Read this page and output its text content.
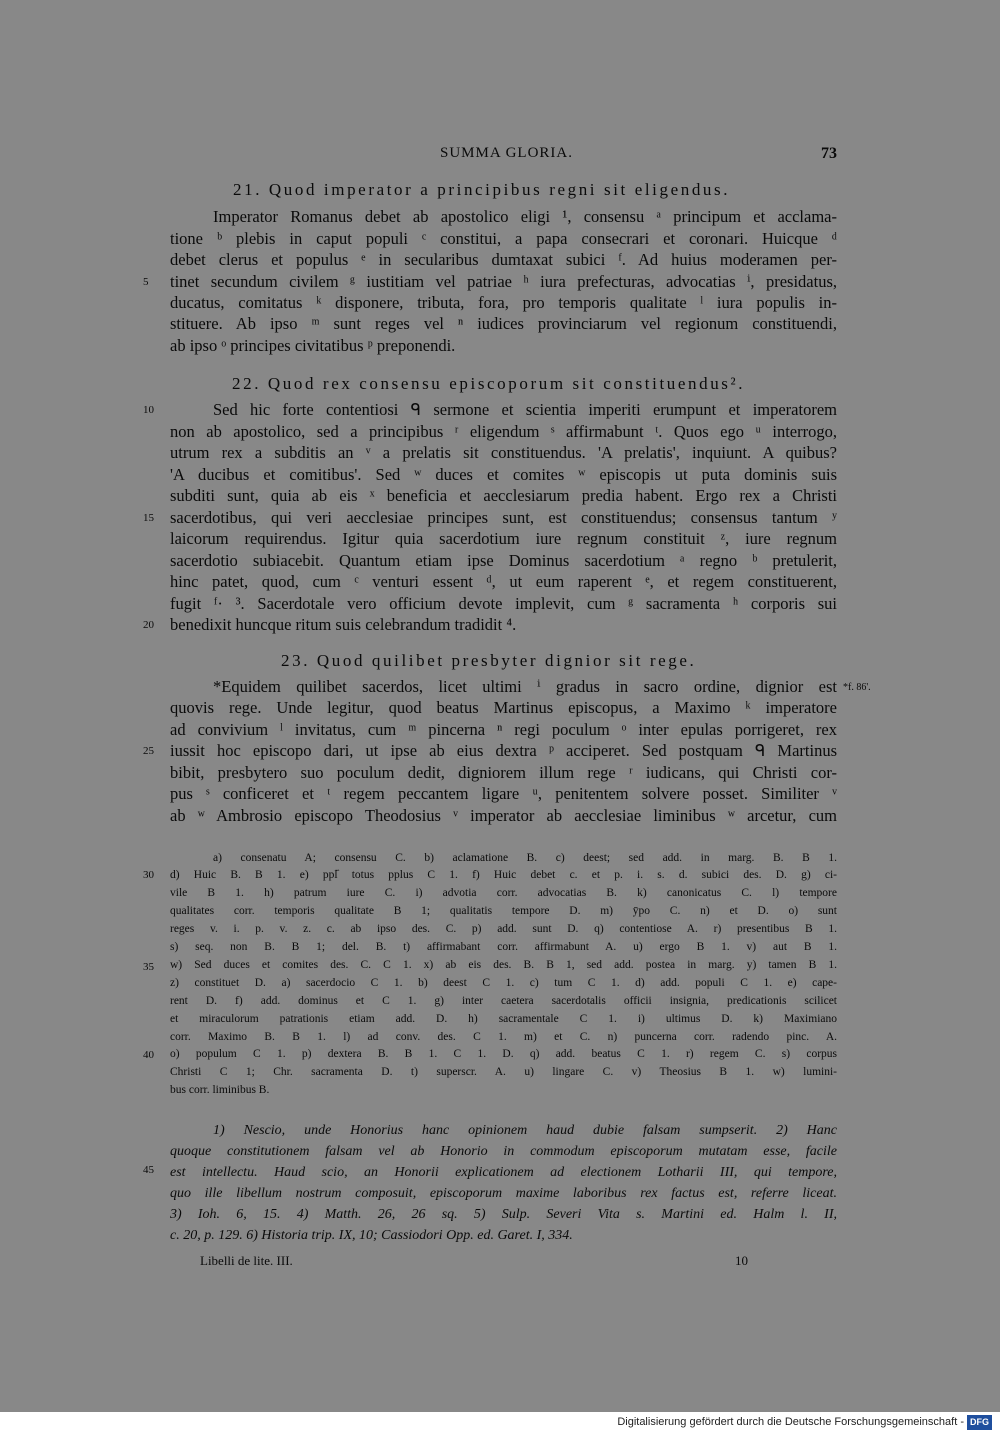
SUMMA GLORIA.	73
21. Quod imperator a principibus regni sit eligendus.
Imperator Romanus debet ab apostolico eligi ¹, consensu ᵃ principum et acclama-
tione ᵇ plebis in caput populi ᶜ constitui, a papa consecrari et coronari. Huicque ᵈ
debet clerus et populus ᵉ in secularibus dumtaxat subici ᶠ. Ad huius moderamen per-
tinet secundum civilem ᵍ iustitiam vel patriae ʰ iura prefecturas, advocatias ⁱ, presidatus,
ducatus, comitatus ᵏ disponere, tributa, fora, pro temporis qualitate ˡ iura populis in-
stituere. Ab ipso ᵐ sunt reges vel ⁿ iudices provinciarum vel regionum constituendi,
ab ipso ᵒ principes civitatibus ᵖ preponendi.
22. Quod rex consensu episcoporum sit constituendus².
Sed hic forte contentiosi ᑫ sermone et scientia imperiti erumpunt et imperatorem
non ab apostolico, sed a principibus ʳ eligendum ˢ affirmabunt ᵗ. Quos ego ᵘ interrogo,
utrum rex a subditis an ᵛ a prelatis sit constituendus. 'A prelatis', inquiunt. A quibus?
'A ducibus et comitibus'. Sed ʷ duces et comites ʷ episcopis ut puta dominis suis
subditi sunt, quia ab eis ˣ beneficia et aecclesiarum predia habent. Ergo rex a Christi
sacerdotibus, qui veri aecclesiae principes sunt, est constituendus; consensus tantum ʸ
laicorum requirendus. Igitur quia sacerdotium iure regnum constituit ᶻ, iure regnum
sacerdotio subiacebit. Quantum etiam ipse Dominus sacerdotium ᵃ regno ᵇ pretulerit,
hinc patet, quod, cum ᶜ venturi essent ᵈ, ut eum raperent ᵉ, et regem constituerent,
fugit ᶠ· ³. Sacerdotale vero officium devote implevit, cum ᵍ sacramenta ʰ corporis sui
benedixit huncque ritum suis celebrandum tradidit ⁴.
23. Quod quilibet presbyter dignior sit rege.
*Equidem quilibet sacerdos, licet ultimi ⁱ gradus in sacro ordine, dignior est
quovis rege. Unde legitur, quod beatus Martinus episcopus, a Maximo ᵏ imperatore
ad convivium ˡ invitatus, cum ᵐ pincerna ⁿ regi poculum ᵒ inter epulas porrigeret, rex
iussit hoc episcopo dari, ut ipse ab eius dextra ᵖ acciperet. Sed postquam ᑫ Martinus
bibit, presbytero suo poculum dedit, digniorem illum rege ʳ iudicans, qui Christi cor-
pus ˢ conficeret et ᵗ regem peccantem ligare ᵘ, penitentem solvere posset. Similiter ᵛ
ab ʷ Ambrosio episcopo Theodosius ᵛ imperator ab aecclesiae liminibus ʷ arcetur, cum
*f. 86'.
5
10
15
20
25
30
35
40
45
a) consenatu A; consensu C. b) aclamatione B. c) deest; sed add. in marg. B. B 1.
d) Huic B. B 1. e) ppl᷈ totus pplus C 1. f) Huic debet c. et p. i. s. d. subici des. D. g) ci-
vile B 1. h) patrum iure C. i) advotia corr. advocatias B. k) canonicatus C. l) tempore
qualitates corr. temporis qualitate B 1; qualitatis tempore D. m) ȳpo C. n) et D. o) sunt
reges v. i. p. v. z. c. ab ipso des. C. p) add. sunt D. q) contentiose A. r) presentibus B 1.
s) seq. non B. B 1; del. B. t) affirmabant corr. affirmabunt A. u) ergo B 1. v) aut B 1.
w) Sed duces et comites des. C. C 1. x) ab eis des. B. B 1, sed add. postea in marg. y) tamen B 1.
z) constituet D. a) sacerdocio C 1. b) deest C 1. c) tum C 1. d) add. populi C 1. e) cape-
rent D. f) add. dominus et C 1. g) inter caetera sacerdotalis officii insignia, predicationis scilicet
et miraculorum patrationis etiam add. D. h) sacramentale C 1. i) ultimus D. k) Maximiano
corr. Maximo B. B 1. l) ad conv. des. C 1. m) et C. n) puncerna corr. radendo pinc. A.
o) populum C 1. p) dextera B. B 1. C 1. D. q) add. beatus C 1. r) regem C. s) corpus
Christi C 1; Chr. sacramenta D. t) superscr. A. u) lingare C. v) Theosius B 1. w) lumini-
bus corr. liminibus B.
1) Nescio, unde Honorius hanc opinionem haud dubie falsam sumpserit. 2) Hanc
quoque constitutionem falsam vel ab Honorio in commodum episcoporum mutatam esse, facile
est intellectu. Haud scio, an Honorii explicationem ad electionem Lotharii III, qui tempore,
quo ille libellum nostrum composuit, episcoporum maxime laboribus rex factus est, referre liceat.
3) Ioh. 6, 15. 4) Matth. 26, 26 sq. 5) Sulp. Severi Vita s. Martini ed. Halm l. II,
c. 20, p. 129. 6) Historia trip. IX, 10; Cassiodori Opp. ed. Garet. I, 334.
Libelli de lite. III.	10
Digitalisierung gefördert durch die Deutsche Forschungsgemeinschaft - DFG
